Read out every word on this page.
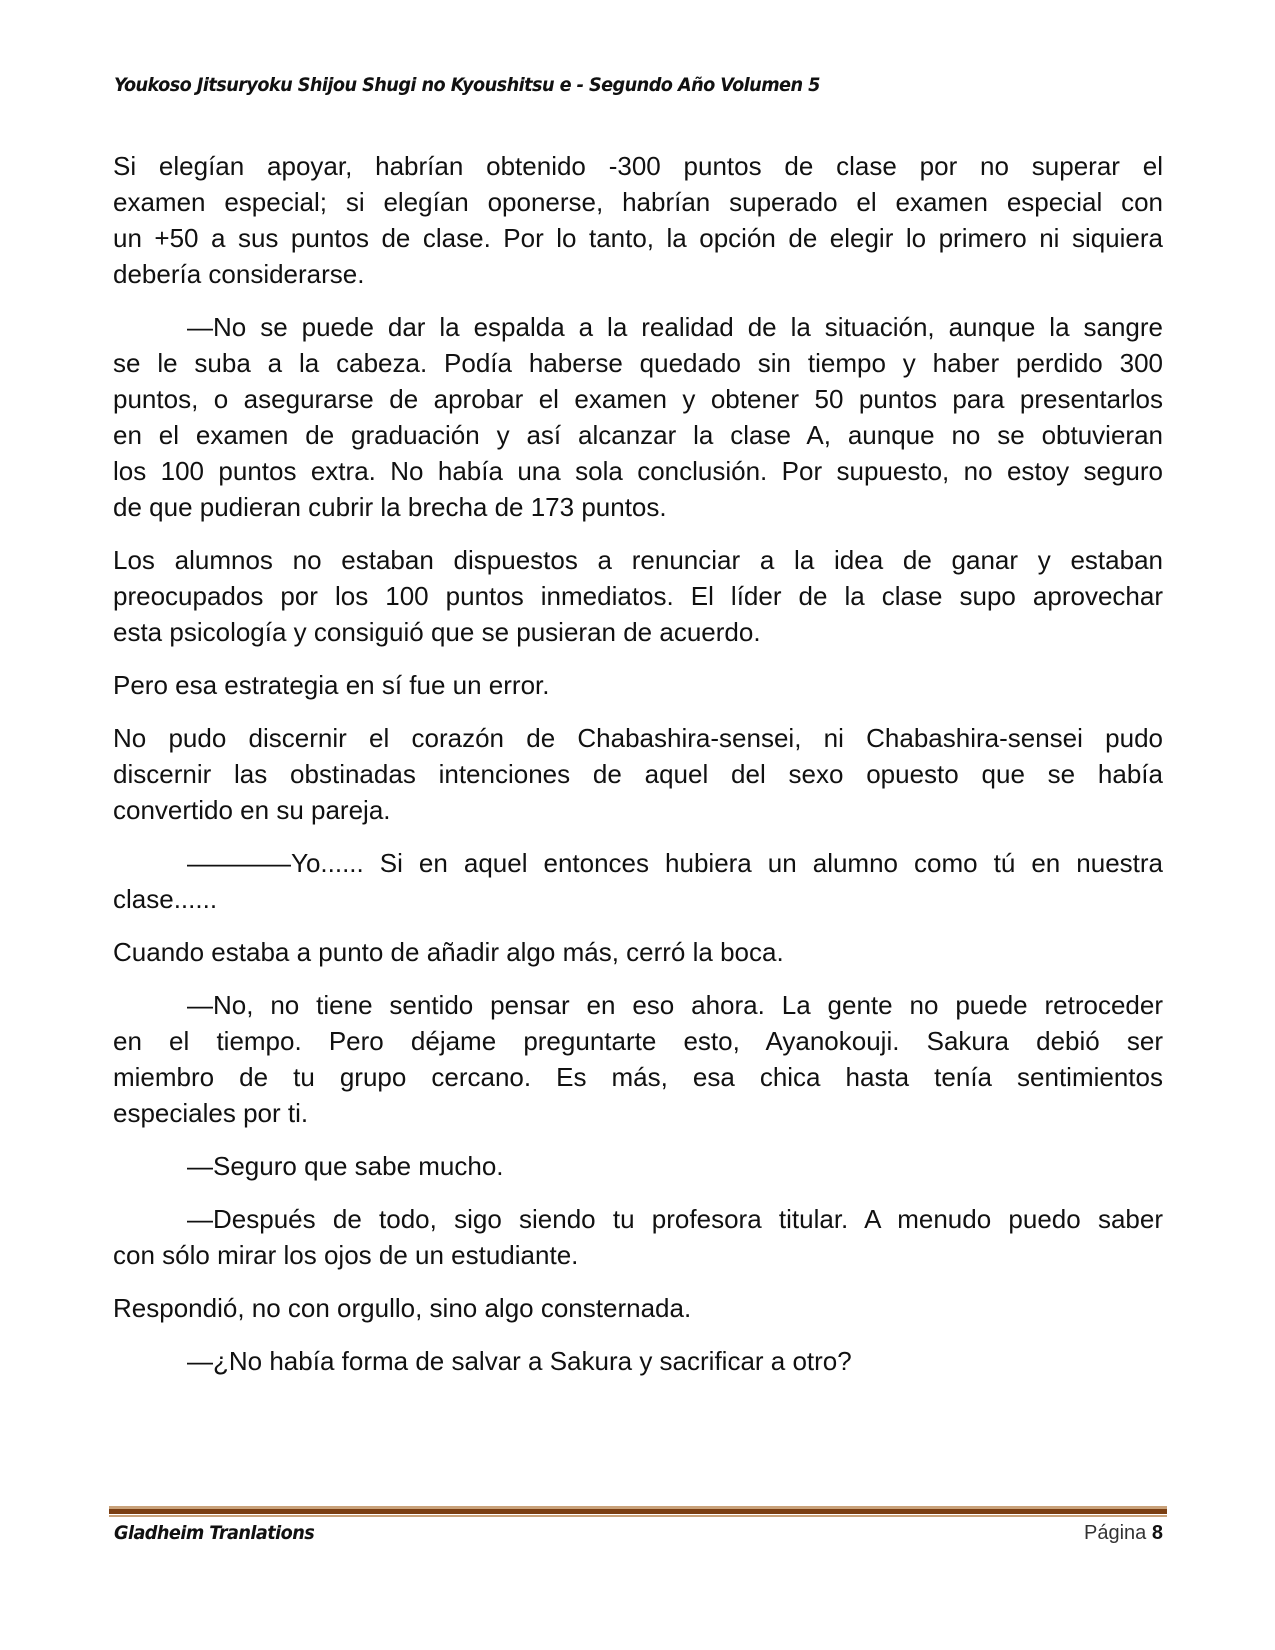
Youkoso Jitsuryoku Shijou Shugi no Kyoushitsu e - Segundo Año Volumen 5
Si elegían apoyar, habrían obtenido -300 puntos de clase por no superar el
examen especial; si elegían oponerse, habrían superado el examen especial con
un +50 a sus puntos de clase. Por lo tanto, la opción de elegir lo primero ni siquiera
debería considerarse.
—No se puede dar la espalda a la realidad de la situación, aunque la sangre
se le suba a la cabeza. Podía haberse quedado sin tiempo y haber perdido 300
puntos, o asegurarse de aprobar el examen y obtener 50 puntos para presentarlos
en el examen de graduación y así alcanzar la clase A, aunque no se obtuvieran
los 100 puntos extra. No había una sola conclusión. Por supuesto, no estoy seguro
de que pudieran cubrir la brecha de 173 puntos.
Los alumnos no estaban dispuestos a renunciar a la idea de ganar y estaban
preocupados por los 100 puntos inmediatos. El líder de la clase supo aprovechar
esta psicología y consiguió que se pusieran de acuerdo.
Pero esa estrategia en sí fue un error.
No pudo discernir el corazón de Chabashira-sensei, ni Chabashira-sensei pudo
discernir las obstinadas intenciones de aquel del sexo opuesto que se había
convertido en su pareja.
————Yo...... Si en aquel entonces hubiera un alumno como tú en nuestra
clase......
Cuando estaba a punto de añadir algo más, cerró la boca.
—No, no tiene sentido pensar en eso ahora. La gente no puede retroceder
en el tiempo. Pero déjame preguntarte esto, Ayanokouji. Sakura debió ser
miembro de tu grupo cercano. Es más, esa chica hasta tenía sentimientos
especiales por ti.
—Seguro que sabe mucho.
—Después de todo, sigo siendo tu profesora titular. A menudo puedo saber
con sólo mirar los ojos de un estudiante.
Respondió, no con orgullo, sino algo consternada.
—¿No había forma de salvar a Sakura y sacrificar a otro?
Gladheim Tranlations	Página 8
